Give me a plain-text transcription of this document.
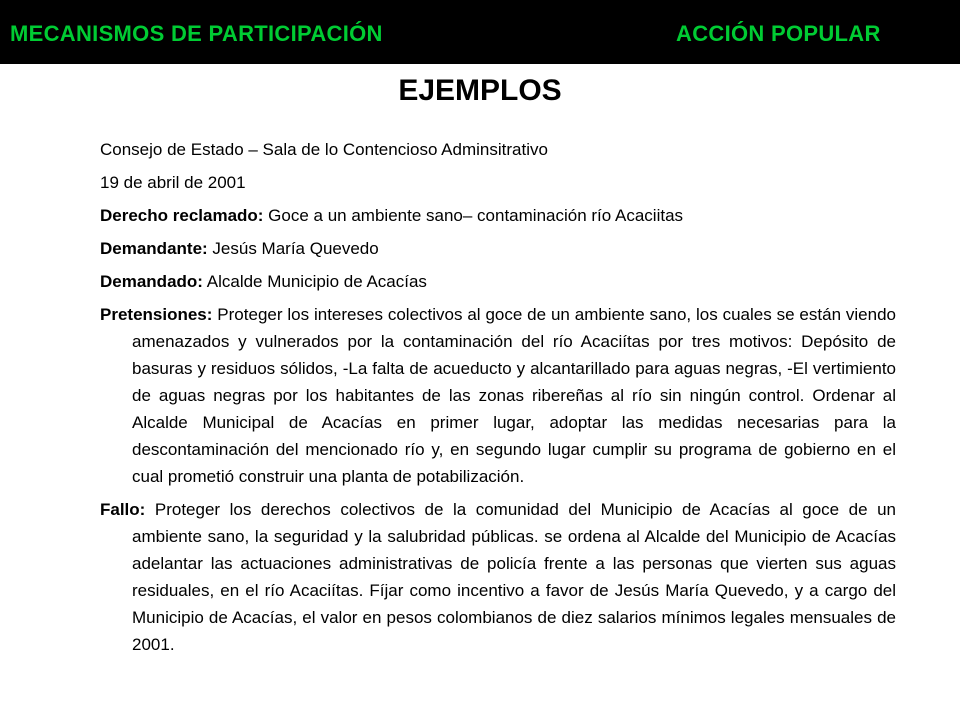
MECANISMOS DE PARTICIPACIÓN	ACCIÓN POPULAR
EJEMPLOS
Consejo de Estado – Sala de lo Contencioso Adminsitrativo
19 de abril de 2001
Derecho reclamado: Goce a un ambiente sano– contaminación río Acaciitas
Demandante: Jesús María Quevedo
Demandado: Alcalde Municipio de Acacías
Pretensiones: Proteger los intereses colectivos al goce de un ambiente sano, los cuales se están viendo amenazados y vulnerados por la contaminación del río Acaciítas por tres motivos: Depósito de basuras y residuos sólidos, -La falta de acueducto y alcantarillado para aguas negras, -El vertimiento de aguas negras por los habitantes de las zonas ribereñas al río sin ningún control. Ordenar al Alcalde Municipal de Acacías en primer lugar, adoptar las medidas necesarias para la descontaminación del mencionado río y, en segundo lugar cumplir su programa de gobierno en el cual prometió construir una planta de potabilización.
Fallo: Proteger los derechos colectivos de la comunidad del Municipio de Acacías al goce de un ambiente sano, la seguridad y la salubridad públicas. se ordena al Alcalde del Municipio de Acacías adelantar las actuaciones administrativas de policía frente a las personas que vierten sus aguas residuales, en el río Acaciítas. Fíjar como incentivo a favor de Jesús María Quevedo, y a cargo del Municipio de Acacías, el valor en pesos colombianos de diez salarios mínimos legales mensuales de 2001.
